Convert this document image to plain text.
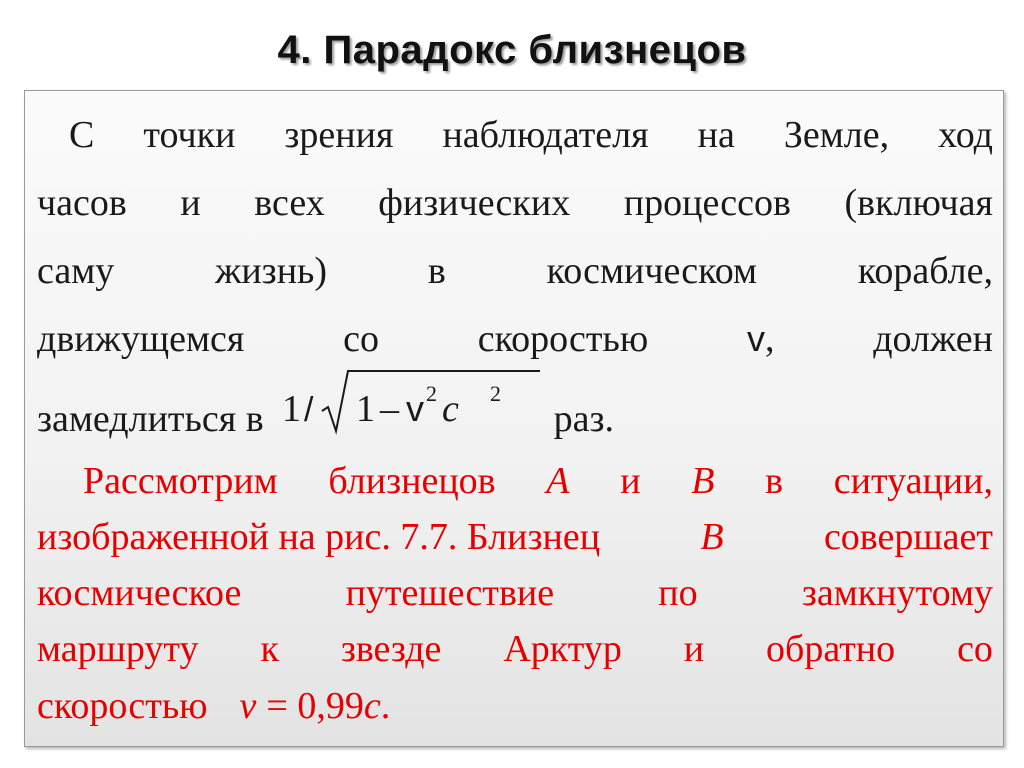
4. Парадокс близнецов
С точки зрения наблюдателя на Земле, ход
часов и всех физических процессов (включая
саму	жизнь)	в	космическом	корабле,
движущемся	со	скоростью	v,	должен
замедлиться в 1 / 1 – v 2 c 2
раз.
Рассмотрим близнецов A и B в ситуации,
изображенной на рис. 7.7. Близнец	B	совершает
космическое	путешествие	по	замкнутому
маршруту к звезде Арктур и обратно со
скоростью v = 0,99 c .
